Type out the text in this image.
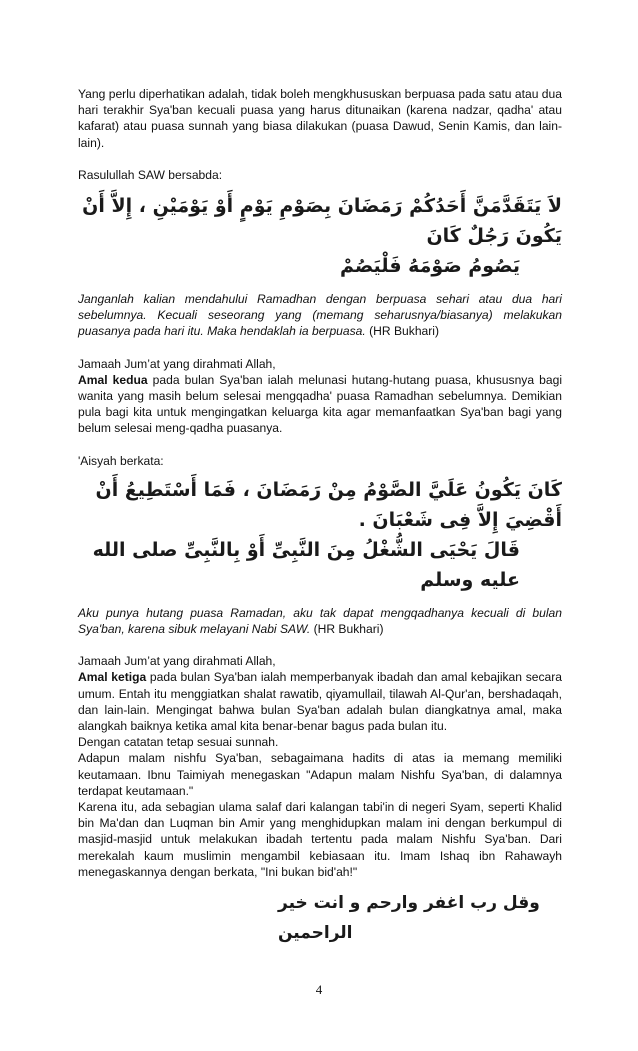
Yang perlu diperhatikan adalah, tidak boleh mengkhususkan berpuasa pada satu atau dua hari terakhir Sya'ban kecuali puasa yang harus ditunaikan (karena nadzar, qadha' atau kafarat) atau puasa sunnah yang biasa dilakukan (puasa Dawud, Senin Kamis, dan lain-lain).

Rasulullah SAW bersabda:

لاَ يَتَقَدَّمَنَّ أَحَدُكُمْ رَمَضَانَ بِصَوْمِ يَوْمٍ أَوْ يَوْمَيْنِ ، إِلاَّ أَنْ يَكُونَ رَجُلٌ كَانَ
يَصُومُ صَوْمَهُ فَلْيَصُمْ

Janganlah kalian mendahului Ramadhan dengan berpuasa sehari atau dua hari sebelumnya. Kecuali seseorang yang (memang seharusnya/biasanya) melakukan puasanya pada hari itu. Maka hendaklah ia berpuasa. (HR Bukhari)

Jamaah Jum’at yang dirahmati Allah,

Amal kedua pada bulan Sya'ban ialah melunasi hutang-hutang puasa, khususnya bagi wanita yang masih belum selesai mengqadha' puasa Ramadhan sebelumnya. Demikian pula bagi kita untuk mengingatkan keluarga kita agar memanfaatkan Sya'ban bagi yang belum selesai meng-qadha puasanya.

'Aisyah berkata:

كَانَ يَكُونُ عَلَيَّ الصَّوْمُ مِنْ رَمَضَانَ ، فَمَا أَسْتَطِيعُ أَنْ أَقْضِيَ إِلاَّ فِى شَعْبَانَ .
قَالَ يَحْيَى الشُّغْلُ مِنَ النَّبِىِّ أَوْ بِالنَّبِىِّ صلى الله عليه وسلم

Aku punya hutang puasa Ramadan, aku tak dapat mengqadhanya kecuali di bulan Sya'ban, karena sibuk melayani Nabi SAW. (HR Bukhari)

Jamaah Jum’at yang dirahmati Allah,

Amal ketiga pada bulan Sya'ban ialah memperbanyak ibadah dan amal kebajikan secara umum. Entah itu menggiatkan shalat rawatib, qiyamullail, tilawah Al-Qur'an, bershadaqah, dan lain-lain. Mengingat bahwa bulan Sya'ban adalah bulan diangkatnya amal, maka alangkah baiknya ketika amal kita benar-benar bagus pada bulan itu.

Dengan catatan tetap sesuai sunnah.

Adapun malam nishfu Sya'ban, sebagaimana hadits di atas ia memang memiliki keutamaan. Ibnu Taimiyah menegaskan "Adapun malam Nishfu Sya'ban, di dalamnya terdapat keutamaan."

Karena itu, ada sebagian ulama salaf dari kalangan tabi'in di negeri Syam, seperti Khalid bin Ma'dan dan Luqman bin Amir yang menghidupkan malam ini dengan berkumpul di masjid-masjid untuk melakukan ibadah tertentu pada malam Nishfu Sya'ban. Dari merekalah kaum muslimin mengambil kebiasaan itu. Imam Ishaq ibn Rahawayh menegaskannya dengan berkata, "Ini bukan bid'ah!"

وقل رب اغفر وارحم و انت خير الراحمين
4
